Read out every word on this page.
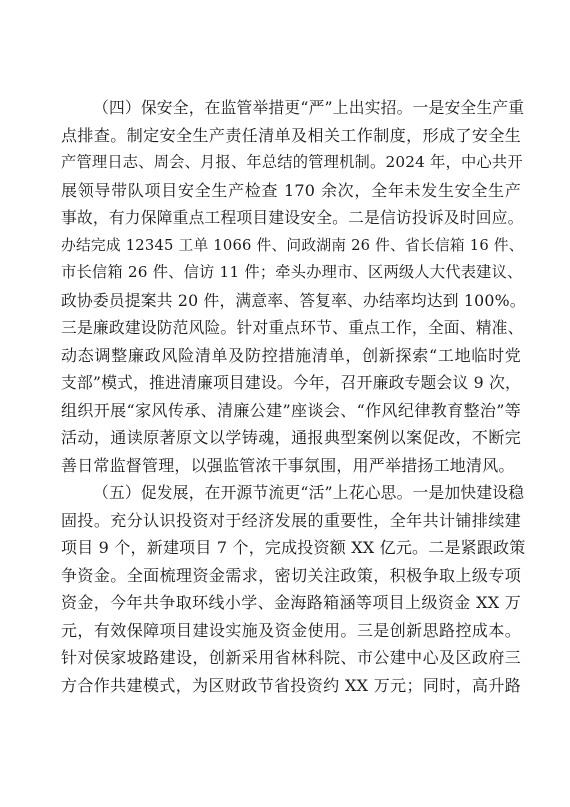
（四）保安全，在监管举措更“严”上出实招。一是安全生产重
点排查。制定安全生产责任清单及相关工作制度，形成了安全生
产管理日志、周会、月报、年总结的管理机制。2024 年，中心共开
展领导带队项目安全生产检查 170 余次，全年未发生安全生产
事故，有力保障重点工程项目建设安全。二是信访投诉及时回应。
办结完成 12345 工单 1066 件、问政湖南 26 件、省长信箱 16 件、
市长信箱 26 件、信访 11 件；牵头办理市、区两级人大代表建议、
政协委员提案共 20 件，满意率、答复率、办结率均达到 100%。
三是廉政建设防范风险。针对重点环节、重点工作，全面、精准、
动态调整廉政风险清单及防控措施清单，创新探索“工地临时党
支部”模式，推进清廉项目建设。今年，召开廉政专题会议 9 次，
组织开展“家风传承、清廉公建”座谈会、“作风纪律教育整治”等
活动，通读原著原文以学铸魂，通报典型案例以案促改，不断完
善日常监督管理，以强监管浓干事氛围，用严举措扬工地清风。
（五）促发展，在开源节流更“活”上花心思。一是加快建设稳
固投。充分认识投资对于经济发展的重要性，全年共计铺排续建
项目 9 个，新建项目 7 个，完成投资额 XX 亿元。二是紧跟政策
争资金。全面梳理资金需求，密切关注政策，积极争取上级专项
资金，今年共争取环线小学、金海路箱涵等项目上级资金 XX 万
元，有效保障项目建设实施及资金使用。三是创新思路控成本。
针对侯家坡路建设，创新采用省林科院、市公建中心及区政府三
方合作共建模式，为区财政节省投资约 XX 万元；同时，高升路
